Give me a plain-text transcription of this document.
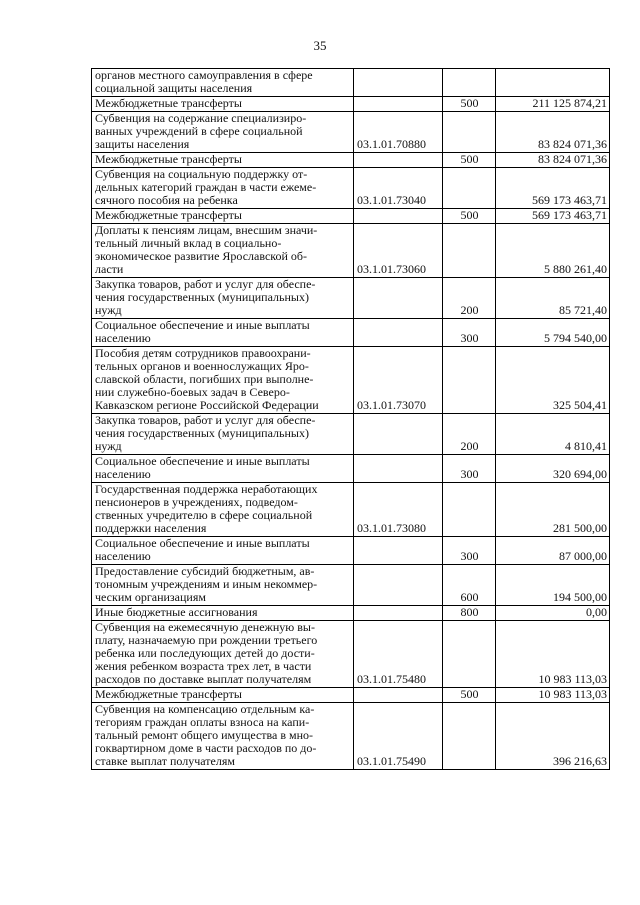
35
органов местного самоуправления в сфере
социальной защиты населения			

Межбюджетные трансферты		500	211 125 874,21

Субвенция на содержание специализиро-
ванных учреждений в сфере социальной
защиты населения	03.1.01.70880		83 824 071,36

Межбюджетные трансферты		500	83 824 071,36

Субвенция на социальную поддержку от-
дельных категорий граждан в части ежеме-
сячного пособия на ребенка	03.1.01.73040		569 173 463,71

Межбюджетные трансферты		500	569 173 463,71

Доплаты к пенсиям лицам, внесшим значи-
тельный личный вклад в социально-
экономическое развитие Ярославской об-
ласти	03.1.01.73060		5 880 261,40

Закупка товаров, работ и услуг для обеспе-
чения государственных (муниципальных)
нужд		200	85 721,40

Социальное обеспечение и иные выплаты
населению		300	5 794 540,00

Пособия детям сотрудников правоохрани-
тельных органов и военнослужащих Яро-
славской области, погибших при выполне-
нии служебно-боевых задач в Северо-
Кавказском регионе Российской Федерации	03.1.01.73070		325 504,41

Закупка товаров, работ и услуг для обеспе-
чения государственных (муниципальных)
нужд		200	4 810,41

Социальное обеспечение и иные выплаты
населению		300	320 694,00

Государственная поддержка неработающих
пенсионеров в учреждениях, подведом-
ственных учредителю в сфере социальной
поддержки населения	03.1.01.73080		281 500,00

Социальное обеспечение и иные выплаты
населению		300	87 000,00

Предоставление субсидий бюджетным, ав-
тономным учреждениям и иным некоммер-
ческим организациям		600	194 500,00

Иные бюджетные ассигнования		800	0,00

Субвенция на ежемесячную денежную вы-
плату, назначаемую при рождении третьего
ребенка или последующих детей до дости-
жения ребенком возраста трех лет, в части
расходов по доставке выплат получателям	03.1.01.75480		10 983 113,03

Межбюджетные трансферты		500	10 983 113,03

Субвенция на компенсацию отдельным ка-
тегориям граждан оплаты взноса на капи-
тальный ремонт общего имущества в мно-
гоквартирном доме в части расходов по до-
ставке выплат получателям	03.1.01.75490		396 216,63
